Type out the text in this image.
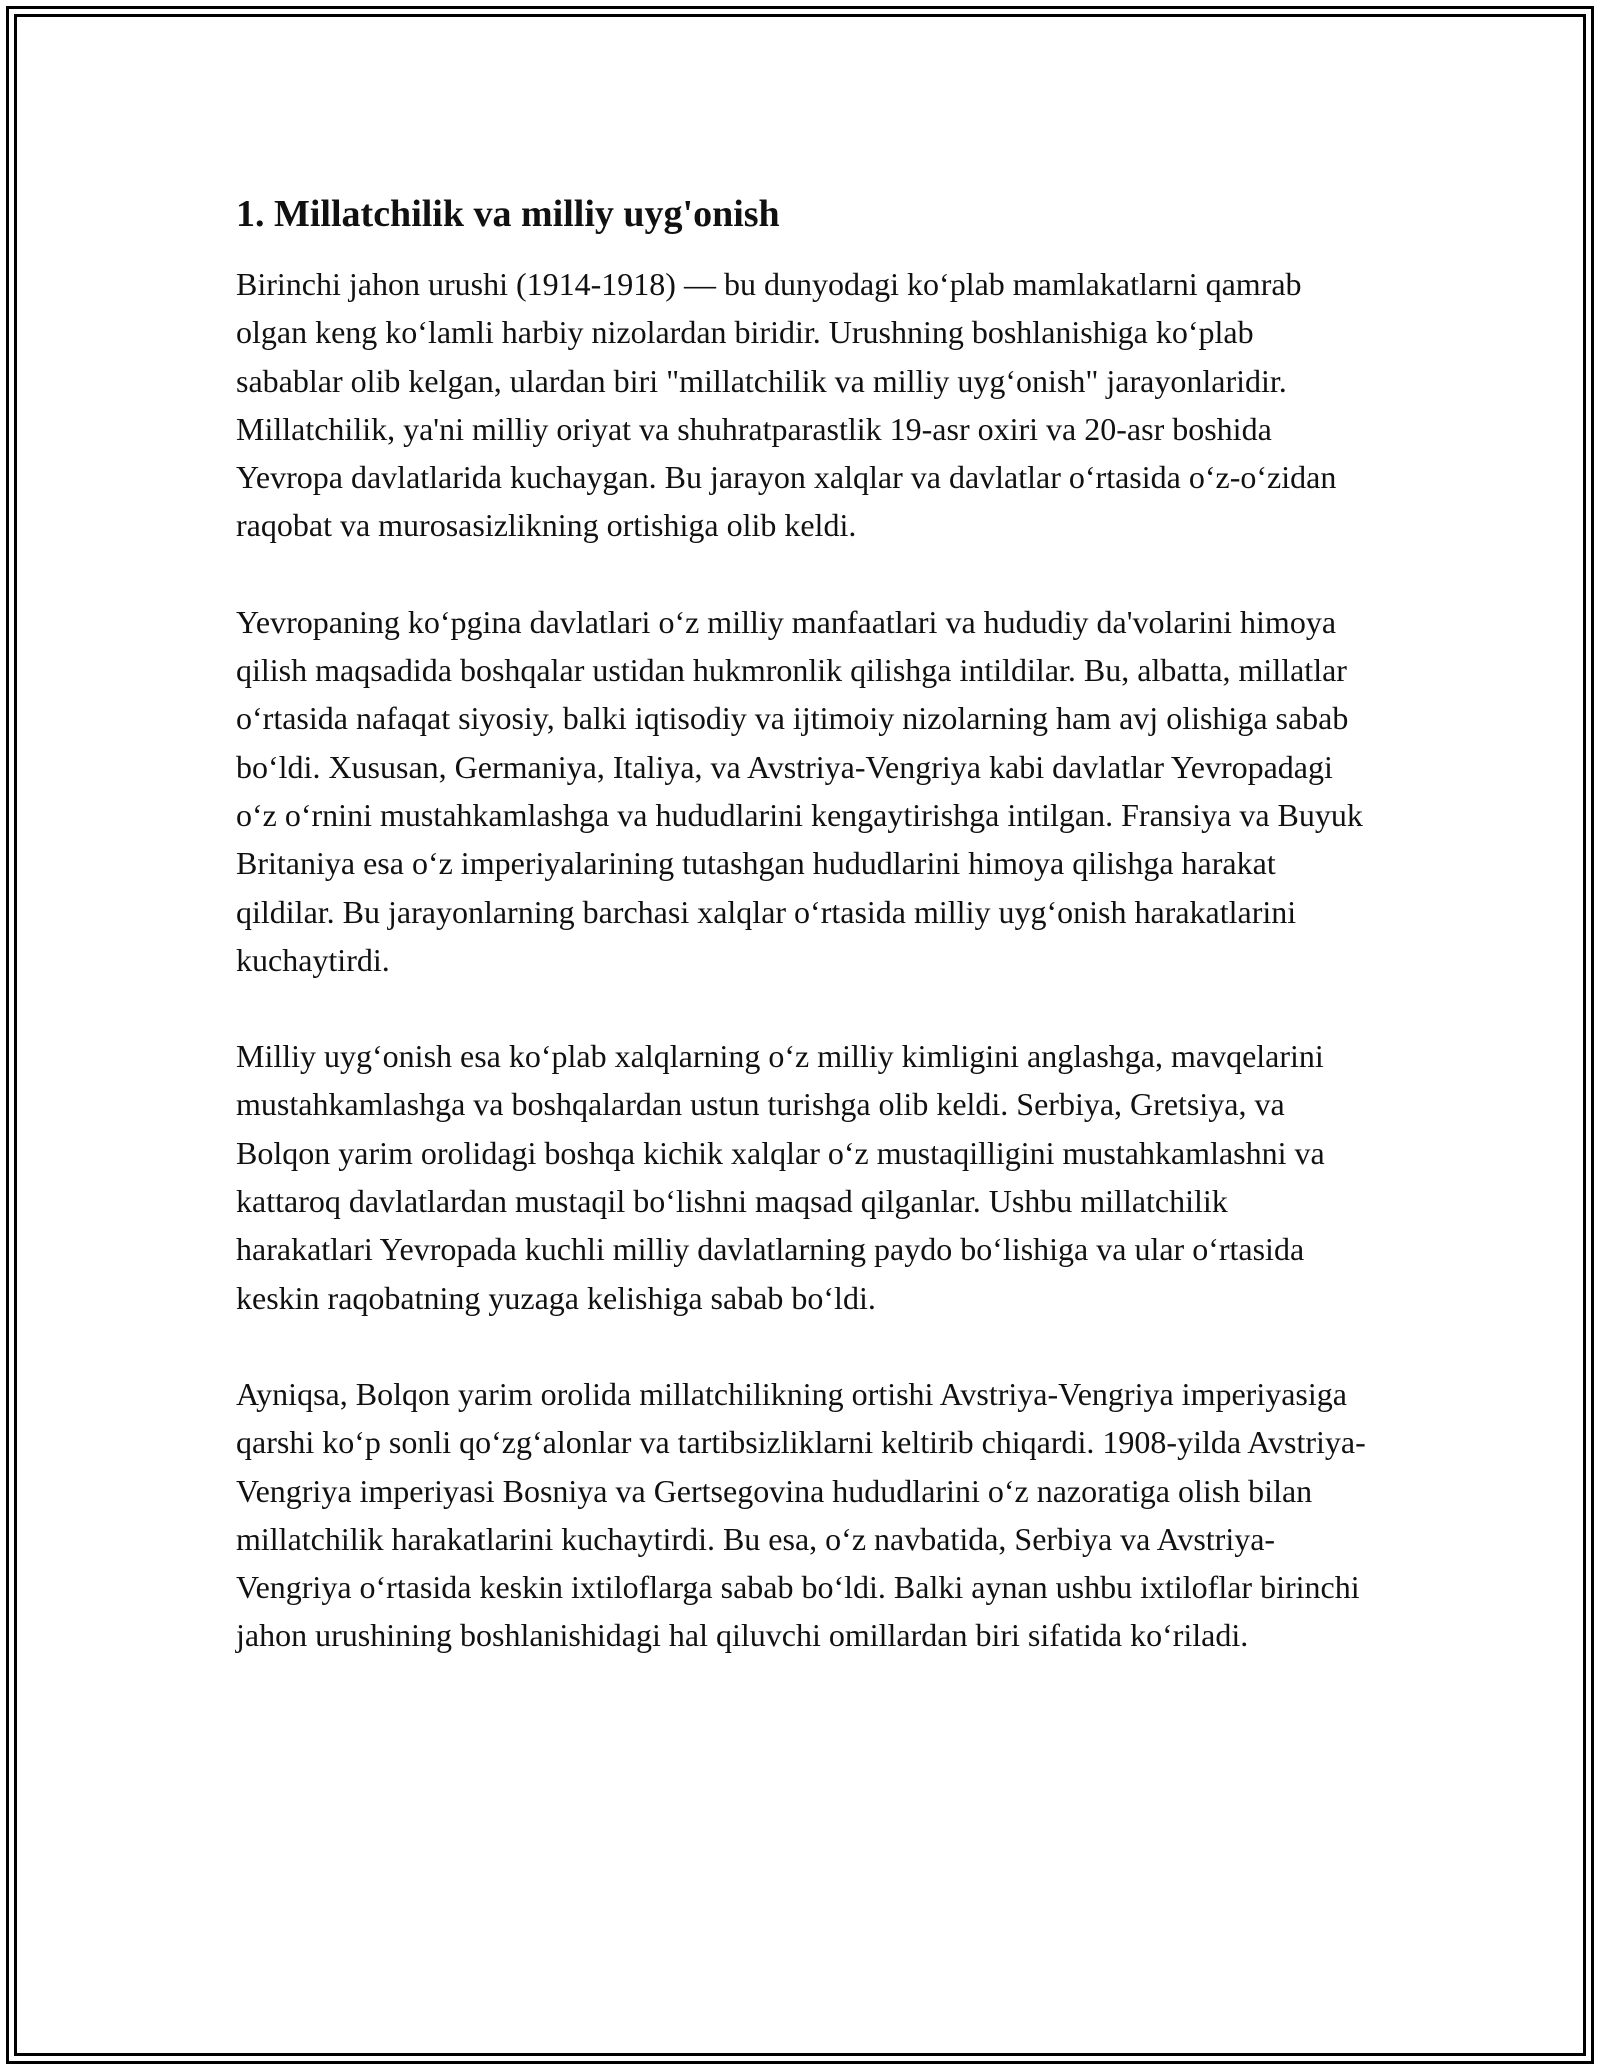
1. Millatchilik va milliy uyg'onish

Birinchi jahon urushi (1914-1918) — bu dunyodagi ko‘plab mamlakatlarni qamrab olgan keng ko‘lamli harbiy nizolardan biridir. Urushning boshlanishiga ko‘plab sabablar olib kelgan, ulardan biri "millatchilik va milliy uyg‘onish" jarayonlaridir. Millatchilik, ya'ni milliy oriyat va shuhratparastlik 19-asr oxiri va 20-asr boshida Yevropa davlatlarida kuchaygan. Bu jarayon xalqlar va davlatlar o‘rtasida o‘z-o‘zidan raqobat va murosasizlikning ortishiga olib keldi.

Yevropaning ko‘pgina davlatlari o‘z milliy manfaatlari va hududiy da'volarini himoya qilish maqsadida boshqalar ustidan hukmronlik qilishga intildilar. Bu, albatta, millatlar o‘rtasida nafaqat siyosiy, balki iqtisodiy va ijtimoiy nizolarning ham avj olishiga sabab bo‘ldi. Xususan, Germaniya, Italiya, va Avstriya-Vengriya kabi davlatlar Yevropadagi o‘z o‘rnini mustahkamlashga va hududlarini kengaytirishga intilgan. Fransiya va Buyuk Britaniya esa o‘z imperiyalarining tutashgan hududlarini himoya qilishga harakat qildilar. Bu jarayonlarning barchasi xalqlar o‘rtasida milliy uyg‘onish harakatlarini kuchaytirdi.

Milliy uyg‘onish esa ko‘plab xalqlarning o‘z milliy kimligini anglashga, mavqelarini mustahkamlashga va boshqalardan ustun turishga olib keldi. Serbiya, Gretsiya, va Bolqon yarim orolidagi boshqa kichik xalqlar o‘z mustaqilligini mustahkamlashni va kattaroq davlatlardan mustaqil bo‘lishni maqsad qilganlar. Ushbu millatchilik harakatlari Yevropada kuchli milliy davlatlarning paydo bo‘lishiga va ular o‘rtasida keskin raqobatning yuzaga kelishiga sabab bo‘ldi.

Ayniqsa, Bolqon yarim orolida millatchilikning ortishi Avstriya-Vengriya imperiyasiga qarshi ko‘p sonli qo‘zg‘alonlar va tartibsizliklarni keltirib chiqardi. 1908-yilda Avstriya-Vengriya imperiyasi Bosniya va Gertsegovina hududlarini o‘z nazoratiga olish bilan millatchilik harakatlarini kuchaytirdi. Bu esa, o‘z navbatida, Serbiya va Avstriya-Vengriya o‘rtasida keskin ixtiloflarga sabab bo‘ldi. Balki aynan ushbu ixtiloflar birinchi jahon urushining boshlanishidagi hal qiluvchi omillardan biri sifatida ko‘riladi.
